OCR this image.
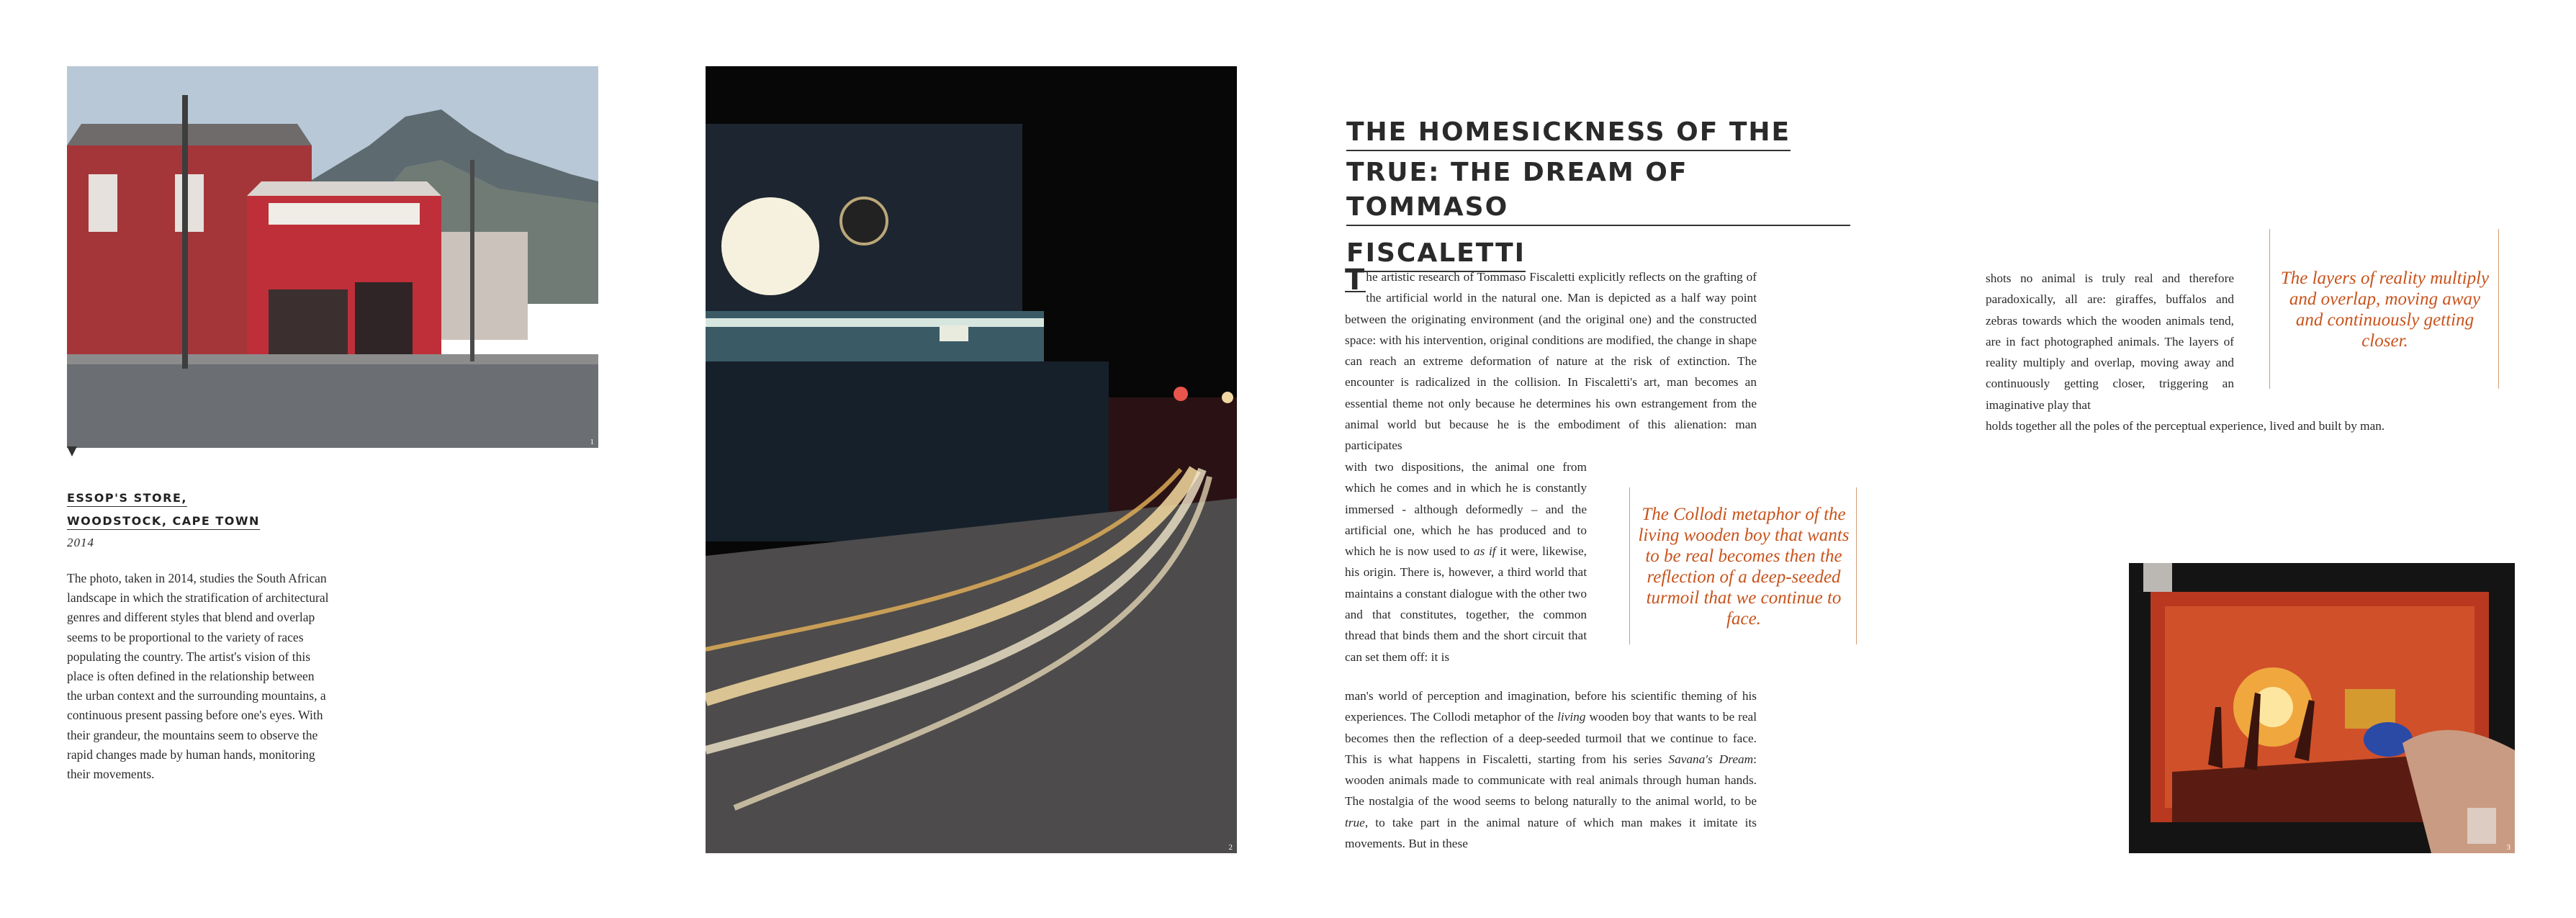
1
ESSOP'S STORE,
WOODSTOCK, CAPE TOWN
2014
The photo, taken in 2014, studies the South African landscape in which the stratification of architectural genres and different styles that blend and overlap seems to be proportional to the variety of races populating the country. The artist's vision of this place is often defined in the relationship between the urban context and the surrounding mountains, a continuous present passing before one's eyes. With their grandeur, the mountains seem to observe the rapid changes made by human hands, monitoring their movements.
2
THE HOMESICKNESS OF THE
TRUE: THE DREAM OF TOMMASO
FISCALETTI

T he artistic research of Tommaso Fiscaletti explicitly reflects on the grafting of the artificial world in the natural one. Man is depicted as a half way point between the originating environment (and the original one) and the constructed space: with his intervention, original conditions are modified, the change in shape can reach an extreme deformation of nature at the risk of extinction. The encounter is radicalized in the collision. In Fiscaletti's art, man becomes an essential theme not only because he determines his own estrangement from the animal world but because he is the embodiment of this alienation: man participates

with two dispositions, the animal one from which he comes and in which he is constantly immersed - although deformedly – and the artificial one, which he has produced and to which he is now used to as if it were, likewise, his origin. There is, however, a third world that maintains a constant dialogue with the other two and that constitutes, together, the common thread that binds them and the short circuit that can set them off: it is

The Collodi metaphor of the living wooden boy that wants to be real becomes then the reflection of a deep-seeded turmoil that we continue to face.

man's world of perception and imagination, before his scientific theming of his experiences. The Collodi metaphor of the living wooden boy that wants to be real becomes then the reflection of a deep-seeded turmoil that we continue to face. This is what happens in Fiscaletti, starting from his series Savana's Dream: wooden animals made to communicate with real animals through human hands. The nostalgia of the wood seems to belong naturally to the animal world, to be true, to take part in the animal nature of which man makes it imitate its movements. But in these

shots no animal is truly real and therefore paradoxically, all are: giraffes, buffalos and zebras towards which the wooden animals tend, are in fact photographed animals. The layers of reality multiply and overlap, moving away and continuously getting closer, triggering an imaginative play that

holds together all the poles of the perceptual experience, lived and built by man.

The layers of reality multiply and overlap, moving away and continuously getting closer.
3
